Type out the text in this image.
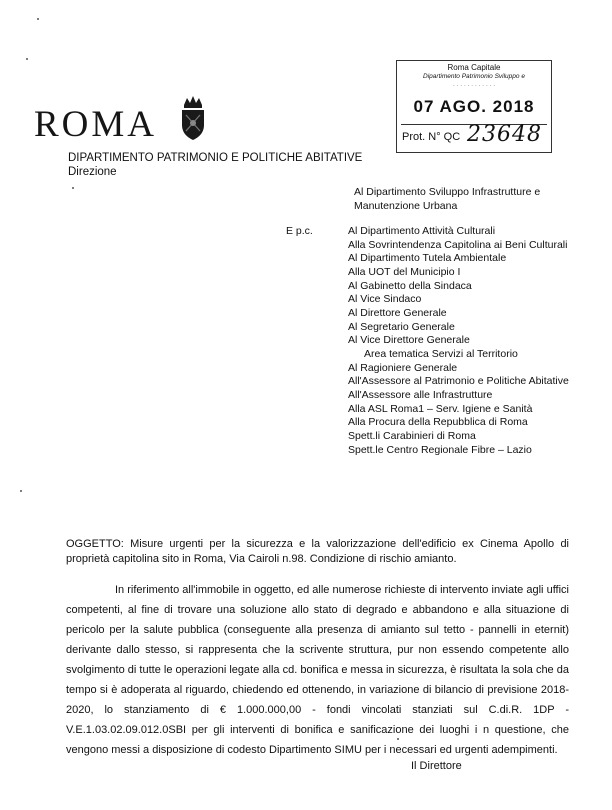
ROMA
Roma Capitale
Dipartimento Patrimonio Sviluppo e
· · · · · · · · · · · ·
07 AGO. 2018
Prot. N° QC 23648
DIPARTIMENTO PATRIMONIO E POLITICHE ABITATIVE
Direzione
Al Dipartimento Sviluppo Infrastrutture e
Manutenzione Urbana
E p.c.	Al Dipartimento Attività Culturali
Alla Sovrintendenza Capitolina ai Beni Culturali
Al Dipartimento Tutela Ambientale
Alla UOT del Municipio I
Al Gabinetto della Sindaca
Al Vice Sindaco
Al Direttore Generale
Al Segretario Generale
Al Vice Direttore Generale
Area tematica Servizi al Territorio
Al Ragioniere Generale
All'Assessore al Patrimonio e Politiche Abitative
All'Assessore alle Infrastrutture
Alla ASL Roma1 – Serv. Igiene e Sanità
Alla Procura della Repubblica di Roma
Spett.li Carabinieri di Roma
Spett.le Centro Regionale Fibre – Lazio
OGGETTO: Misure urgenti per la sicurezza e la valorizzazione dell'edificio ex Cinema Apollo di proprietà capitolina sito in Roma, Via Cairoli n.98. Condizione di rischio amianto.
In riferimento all'immobile in oggetto, ed alle numerose richieste di intervento inviate agli uffici competenti, al fine di trovare una soluzione allo stato di degrado e abbandono e alla situazione di pericolo per la salute pubblica (conseguente alla presenza di amianto sul tetto - pannelli in eternit) derivante dallo stesso, si rappresenta che la scrivente struttura, pur non essendo competente allo svolgimento di tutte le operazioni legate alla cd. bonifica e messa in sicurezza, è risultata la sola che da tempo si è adoperata al riguardo, chiedendo ed ottenendo, in variazione di bilancio di previsione 2018-2020, lo stanziamento di € 1.000.000,00 - fondi vincolati stanziati sul C.di.R. 1DP - V.E.1.03.02.09.012.0SBI per gli interventi di bonifica e sanificazione dei luoghi i n questione, che vengono messi a disposizione di codesto Dipartimento SIMU per i necessari ed urgenti adempimenti.
Il Direttore
